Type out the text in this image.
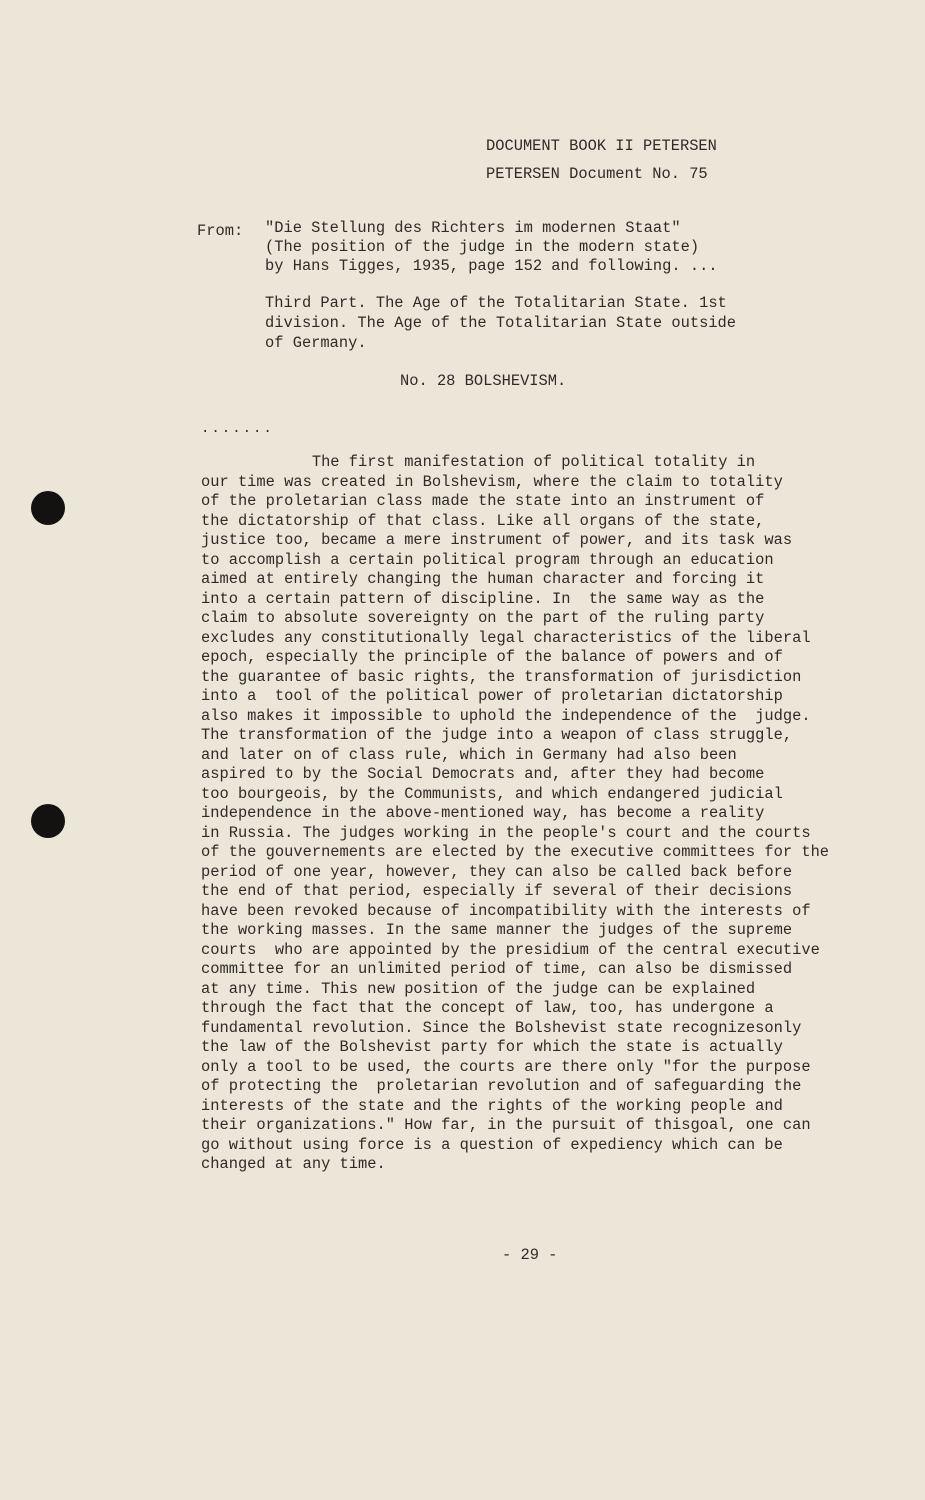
DOCUMENT BOOK II PETERSEN
PETERSEN Document No. 75
From: "Die Stellung des Richters im modernen Staat"
(The position of the judge in the modern state)
by Hans Tigges, 1935, page 152 and following. ...
Third Part. The Age of the Totalitarian State. 1st
division. The Age of the Totalitarian State outside
of Germany.
No. 28 BOLSHEVISM.
.......
The first manifestation of political totality in
our time was created in Bolshevism, where the claim to totality
of the proletarian class made the state into an instrument of
the dictatorship of that class. Like all organs of the state,
justice too, became a mere instrument of power, and its task was
to accomplish a certain political program through an education
aimed at entirely changing the human character and forcing it
into a certain pattern of discipline. In  the same way as the
claim to absolute sovereignty on the part of the ruling party
excludes any constitutionally legal characteristics of the liberal
epoch, especially the principle of the balance of powers and of
the guarantee of basic rights, the transformation of jurisdiction
into a  tool of the political power of proletarian dictatorship
also makes it impossible to uphold the independence of the  judge.
The transformation of the judge into a weapon of class struggle,
and later on of class rule, which in Germany had also been
aspired to by the Social Democrats and, after they had become
too bourgeois, by the Communists, and which endangered judicial
independence in the above-mentioned way, has become a reality
in Russia. The judges working in the people's court and the courts
of the gouvernements are elected by the executive committees for the
period of one year, however, they can also be called back before
the end of that period, especially if several of their decisions
have been revoked because of incompatibility with the interests of
the working masses. In the same manner the judges of the supreme
courts  who are appointed by the presidium of the central executive
committee for an unlimited period of time, can also be dismissed
at any time. This new position of the judge can be explained
through the fact that the concept of law, too, has undergone a
fundamental revolution. Since the Bolshevist state recognizesonly
the law of the Bolshevist party for which the state is actually
only a tool to be used, the courts are there only "for the purpose
of protecting the  proletarian revolution and of safeguarding the
interests of the state and the rights of the working people and
their organizations." How far, in the pursuit of thisgoal, one can
go without using force is a question of expediency which can be
changed at any time.
- 29 -
